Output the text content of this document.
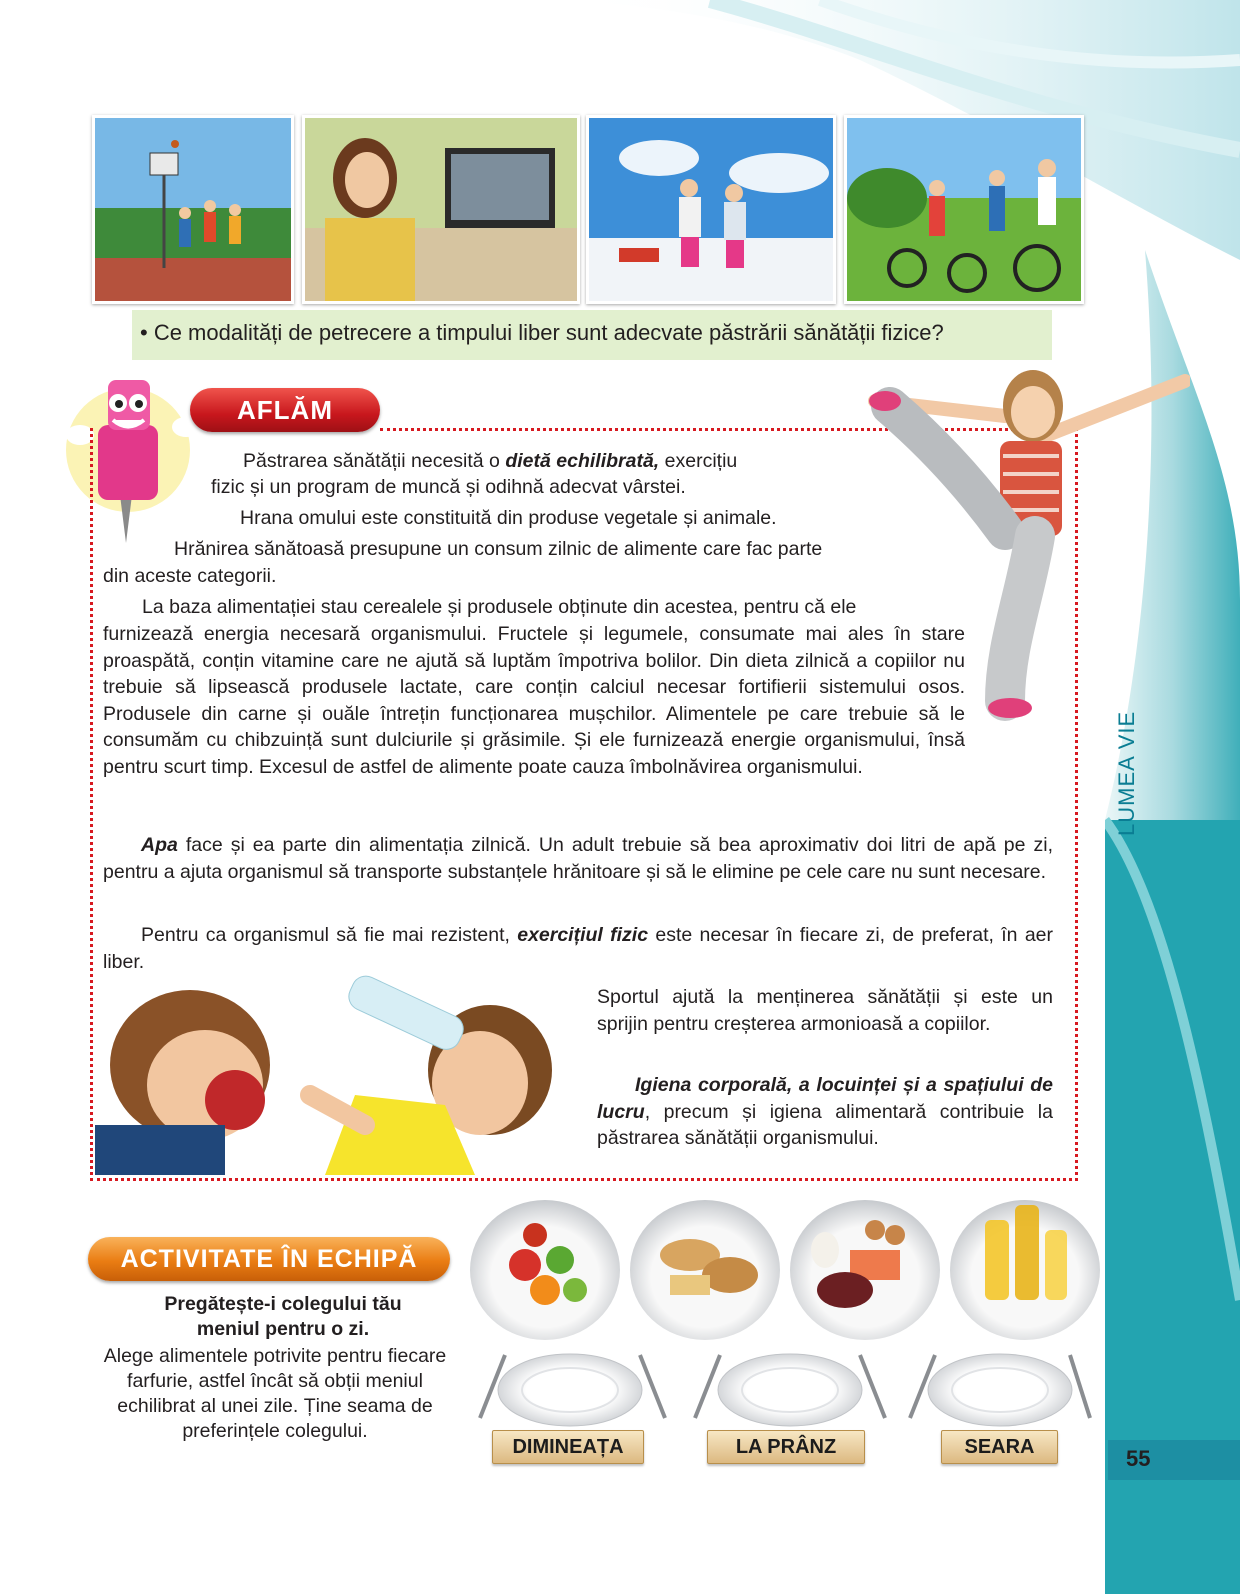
• Ce modalități de petrecere a timpului liber sunt adecvate păstrării sănătății fizice?
AFLĂM
Păstrarea sănătății necesită o dietă echilibrată, exercițiu
fizic și un program de muncă și odihnă adecvat vârstei.
Hrana omului este constituită din produse vegetale și animale.
Hrănirea sănătoasă presupune un consum zilnic de alimente care fac parte
din aceste categorii.
La baza alimentației stau cerealele și produsele obținute din acestea, pentru că ele
furnizează energia necesară organismului. Fructele și legumele, consumate mai ales în stare proaspătă, conțin vitamine care ne ajută să luptăm împotriva bolilor. Din dieta zilnică a copiilor nu trebuie să lipsească produsele lactate, care conțin calciul necesar fortifierii sistemului osos. Produsele din carne și ouăle întrețin funcționarea mușchilor. Alimentele pe care trebuie să le consumăm cu chibzuință sunt dulciurile și grăsimile. Și ele furnizează energie organismului, însă pentru scurt timp. Excesul de astfel de alimente poate cauza îmbolnăvirea organismului.
Apa face și ea parte din alimentația zilnică. Un adult trebuie să bea aproximativ doi litri de apă pe zi, pentru a ajuta organismul să transporte substanțele hrănitoare și să le elimine pe cele care nu sunt necesare.
Pentru ca organismul să fie mai rezistent, exercițiul fizic este necesar în fiecare zi, de preferat, în aer liber.
Sportul ajută la menținerea sănătății și este un sprijin pentru creșterea armonioasă a copiilor.
Igiena corporală, a locuinței și a spațiului de lucru, precum și igiena alimentară contribuie la păstrarea sănătății organismului.
LUMEA VIE
55
ACTIVITATE ÎN ECHIPĂ
Pregătește-i colegului tău
meniul pentru o zi.
Alege alimentele potrivite pentru fiecare farfurie, astfel încât să obții meniul echilibrat al unei zile. Ține seama de preferințele colegului.
DIMINEAȚA	LA PRÂNZ	SEARA
